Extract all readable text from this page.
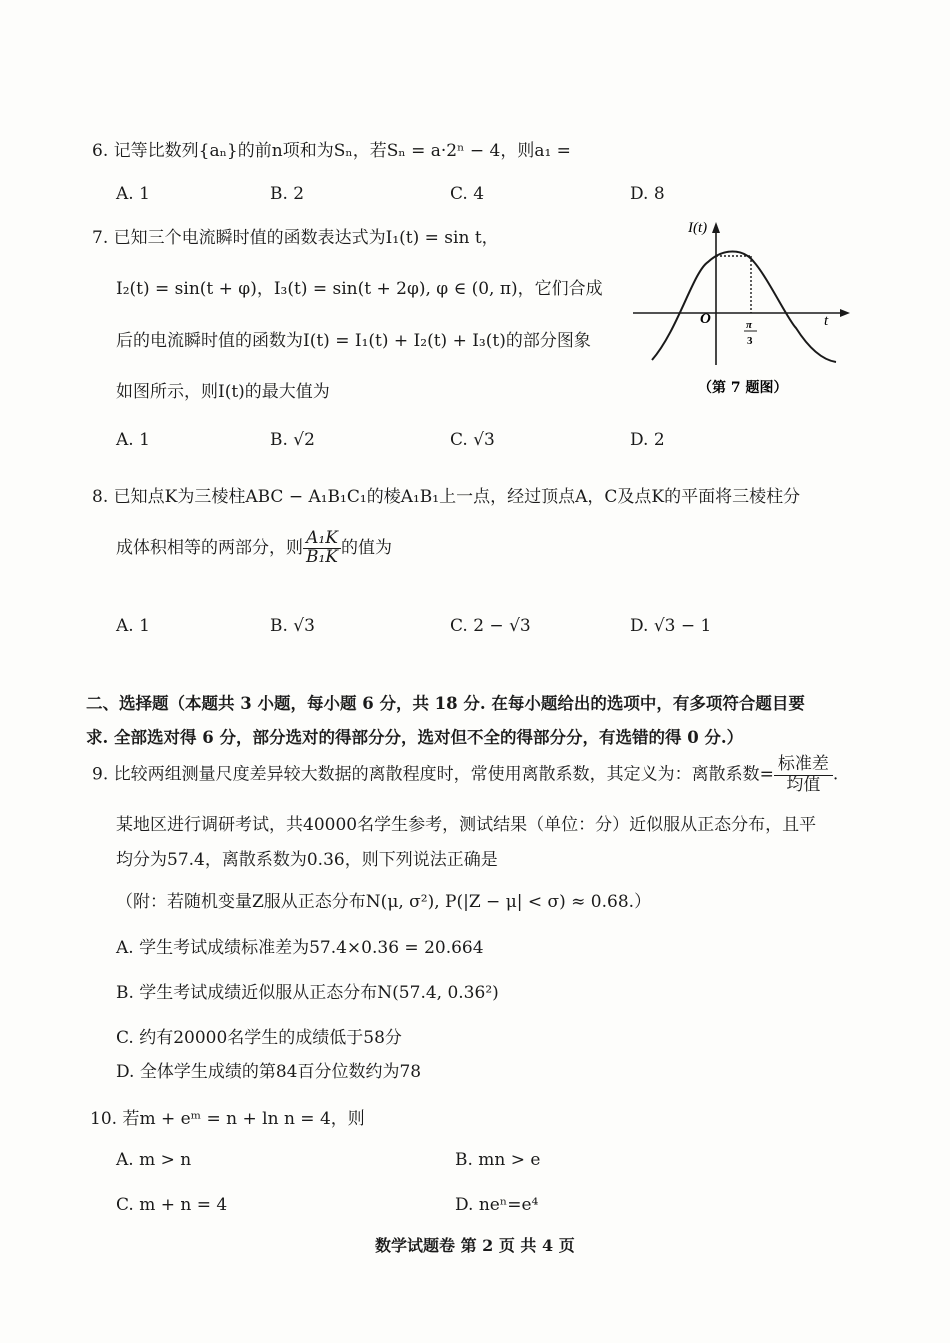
6. 记等比数列{aₙ}的前n项和为Sₙ，若Sₙ = a·2ⁿ − 4，则a₁ =
A. 1	B. 2	C. 4	D. 8
7. 已知三个电流瞬时值的函数表达式为I₁(t) = sin t，
I₂(t) = sin(t + φ)，I₃(t) = sin(t + 2φ), φ ∈ (0, π)，它们合成
后的电流瞬时值的函数为I(t) = I₁(t) + I₂(t) + I₃(t)的部分图象
如图所示，则I(t)的最大值为
A. 1	B. √2	C. √3	D. 2
I(t)
t
O	π
3
（第 7 题图）
8. 已知点K为三棱柱ABC − A₁B₁C₁的棱A₁B₁上一点，经过顶点A，C及点K的平面将三棱柱分
成体积相等的两部分，则 $\frac{\text{A₁K}}{\text{B₁K}}$ 的值为
A. 1	B. √3	C. 2 − √3	D. √3 − 1
二、选择题（本题共 3 小题，每小题 6 分，共 18 分. 在每小题给出的选项中，有多项符合题目要
求. 全部选对得 6 分，部分选对的得部分分，选对但不全的得部分分，有选错的得 0 分.）
9. 比较两组测量尺度差异较大数据的离散程度时，常使用离散系数，其定义为：离散系数= $\frac{\text{标准差}}{\text{均值}}$ .
某地区进行调研考试，共40000名学生参考，测试结果（单位：分）近似服从正态分布，且平
均分为57.4，离散系数为0.36，则下列说法正确是
（附：若随机变量Z服从正态分布N(μ, σ²), P(|Z − μ| < σ) ≈ 0.68.）
A. 学生考试成绩标准差为57.4×0.36 = 20.664
B. 学生考试成绩近似服从正态分布N(57.4, 0.36²)
C. 约有20000名学生的成绩低于58分
D. 全体学生成绩的第84百分位数约为78
10. 若m + eᵐ = n + ln n = 4，则
A. m > n	B. mn > e
C. m + n = 4	D. neⁿ=e⁴
数学试题卷 第 2 页 共 4 页
